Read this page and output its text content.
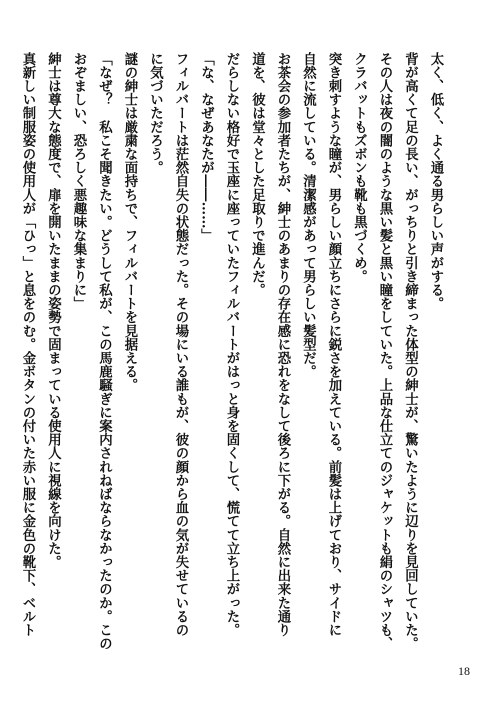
太く、低く、よく通る男らしい声がする。

背が高くて足の長い、がっちりと引き締まった体型の紳士が、驚いたように辺りを見回していた。

その人は夜の闇のような黒い髪と黒い瞳をしていた。上品な仕立てのジャケットも絹のシャツも、

クラバットもズボンも靴も黒づくめ。

突き刺すような瞳が、男らしい顔立ちにさらに鋭さを加えている。前髪は上げており、サイドに

自然に流している。清潔感があって男らしい髪型だ。

お茶会の参加者たちが、紳士のあまりの存在感に恐れをなして後ろに下がる。自然に出来た通り

道を、彼は堂々とした足取りで進んだ。

だらしない格好で玉座に座っていたフィルバートがはっと身を固くして、慌てて立ち上がった。

「な、なぜあなたが――……」

フィルバートは茫然自失の状態だった。その場にいる誰もが、彼の顔から血の気が失せているの

に気づいただろう。

謎の紳士は厳粛な面持ちで、フィルバートを見据える。

「なぜ？　私こそ聞きたい。どうして私が、この馬鹿騒ぎに案内されねばならなかったのか。この

おぞましい、恐ろしく悪趣味な集まりに」

紳士は尊大な態度で、扉を開いたままの姿勢で固まっている使用人に視線を向けた。

真新しい制服姿の使用人が「ひっ」と息をのむ。金ボタンの付いた赤い服に金色の靴下、ベルト

18
